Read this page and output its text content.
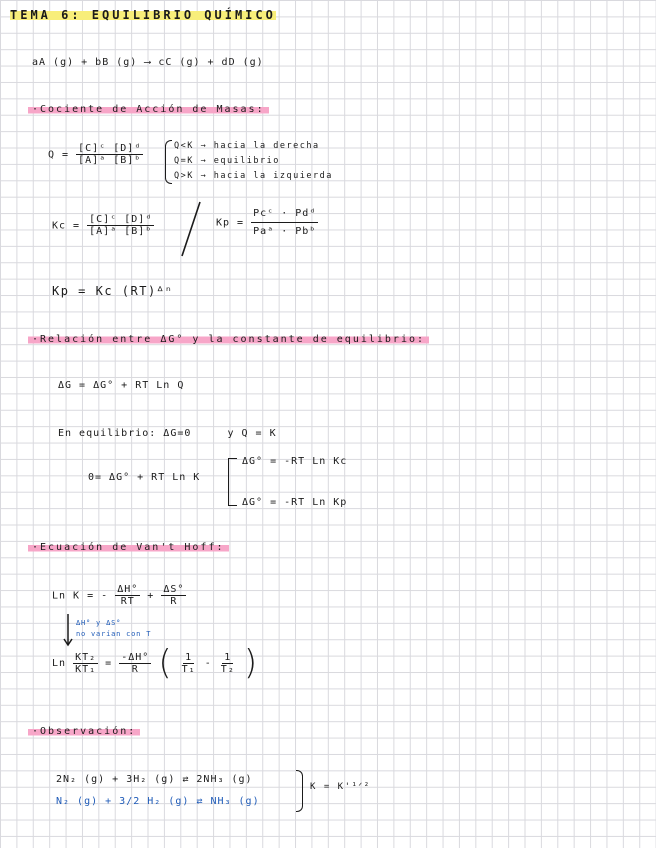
TEMA 6: EQUILIBRIO QUÍMICO
aA (g) + bB (g) ⟶ cC (g) + dD (g)
·Cociente de Acción de Masas:
$Q = \frac{\text{[C]ᶜ [D]ᵈ}}{\text{[A]ᵃ [B]ᵇ}}$	Q<K → hacia la derecha
Q=K → equilibrio
Q>K → hacia la izquierda
$Kc = \frac{\text{[C]ᶜ [D]ᵈ}}{\text{[A]ᵃ [B]ᵇ}}$	$Kp = \frac{\text{Pcᶜ · Pdᵈ}}{\text{Paᵃ · Pbᵇ}}$
Kp = Kc (RT)ᐞⁿ
·Relación entre ΔG° y la constante de equilibrio:
ΔG = ΔG° + RT Ln Q
En equilibrio: ΔG=0	y Q = K
0= ΔG° + RT Ln K
ΔG° = -RT Ln Kc
ΔG° = -RT Ln Kp
·Ecuación de Van't Hoff:
Ln K = - $\frac{\Delta H^\circ}{RT} + \frac{\Delta S^\circ}{R}$
ΔH° y ΔS°
no varían con T
Ln $\frac{\text{KT₂}}{\text{KT₁}} = \frac{-\Delta H^\circ}{R}$ ( $\frac{1}{\text{T₁}} - \frac{1}{\text{T₂}}$ )
·Observación:
2N₂ (g) + 3H₂ (g) ⇄ 2NH₃ (g)
N₂ (g) + 3/2 H₂ (g) ⇄ NH₃ (g)
K = K'¹ᐟ²
